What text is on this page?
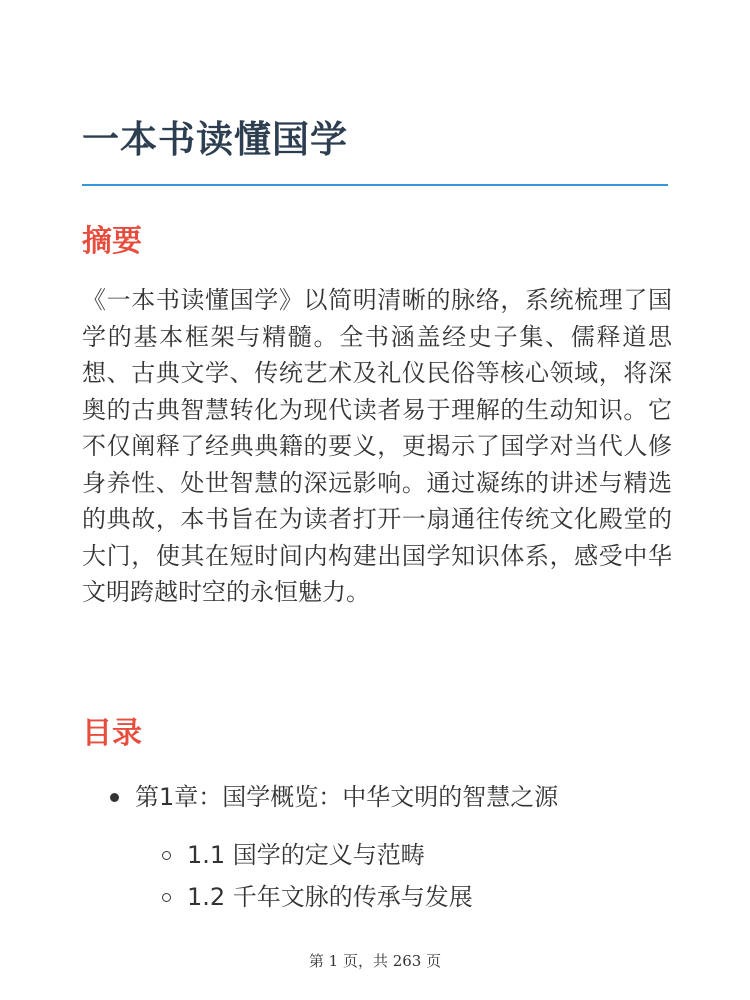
一本书读懂国学
摘要

《一本书读懂国学》以简明清晰的脉络，系统梳理了国学的基本框架与精髓。全书涵盖经史子集、儒释道思想、古典文学、传统艺术及礼仪民俗等核心领域，将深奥的古典智慧转化为现代读者易于理解的生动知识。它不仅阐释了经典典籍的要义，更揭示了国学对当代人修身养性、处世智慧的深远影响。通过凝练的讲述与精选的典故，本书旨在为读者打开一扇通往传统文化殿堂的大门，使其在短时间内构建出国学知识体系，感受中华文明跨越时空的永恒魅力。

目录
第1章：国学概览：中华文明的智慧之源
1.1 国学的定义与范畴
1.2 千年文脉的传承与发展
第 1 页，共 263 页
